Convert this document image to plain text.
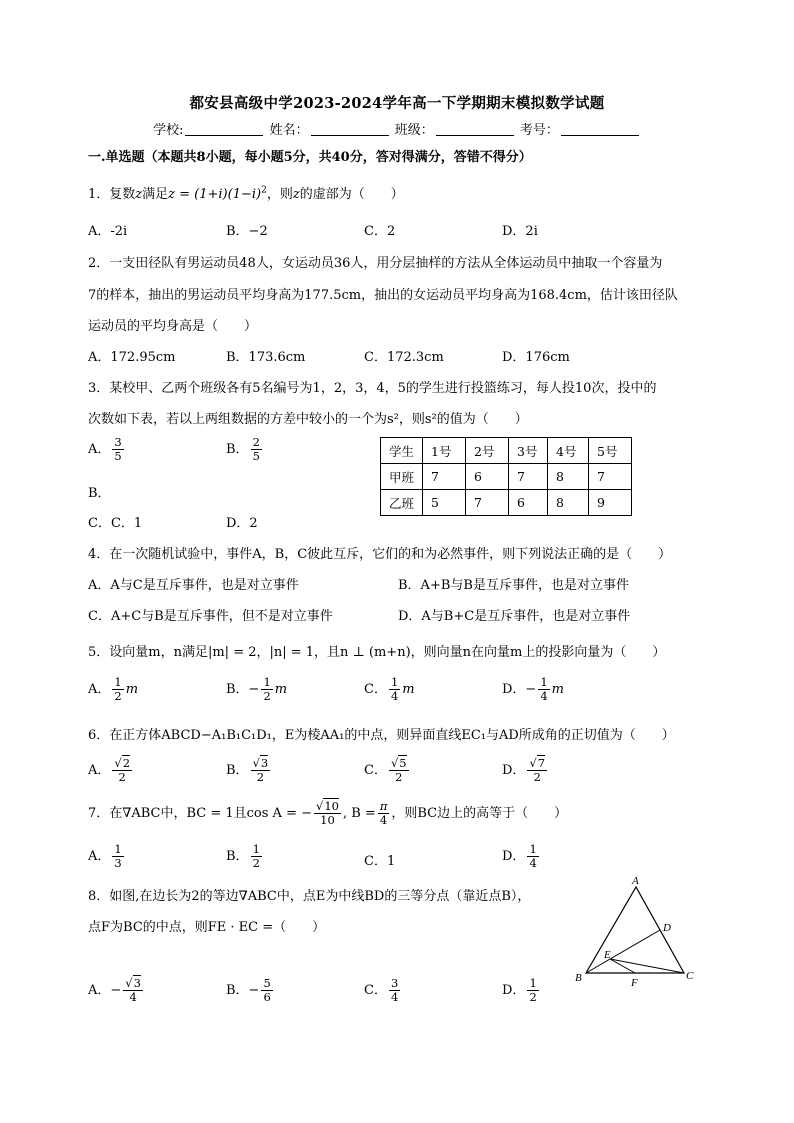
都安县高级中学2023-2024学年高一下学期期末模拟数学试题
学校:	姓名：	班级：	考号：
一.单选题（本题共8小题，每小题5分，共40分，答对得满分，答错不得分）
1．复数z满足$z = (1+i)(1-i)^2$，则z的虚部为（　　）
A．-2i	B．−2	C．2	D．2i
2．一支田径队有男运动员48人，女运动员36人，用分层抽样的方法从全体运动员中抽取一个容量为
7的样本，抽出的男运动员平均身高为177.5cm，抽出的女运动员平均身高为168.4cm，估计该田径队
运动员的平均身高是（　　）
A．172.95cm	B．173.6cm	C．172.3cm	D．176cm
3．某校甲、乙两个班级各有5名编号为1，2，3，4，5的学生进行投篮练习，每人投10次，投中的
次数如下表，若以上两组数据的方差中较小的一个为s²，则s²的值为（　　）
A． $\frac{3}{5}$	B． $\frac{2}{5}$
B．
C．C．1	D．2
学生	1号	2号	3号	4号	5号
甲班	7	6	7	8	7
乙班	5	7	6	8	9
4．在一次随机试验中，事件A，B，C彼此互斥，它们的和为必然事件，则下列说法正确的是（　　）
A．A与C是互斥事件，也是对立事件	B．A+B与B是互斥事件，也是对立事件
C．A+C与B是互斥事件，但不是对立事件	D．A与B+C是互斥事件，也是对立事件
5．设向量m，n满足|m| = 2，|n| = 1，且n ⊥ (m+n)，则向量n在向量m上的投影向量为（　　）
A． $\frac{1}{2}$ m	B．− $\frac{1}{2}$ m	C． $\frac{1}{4}$ m	D．− $\frac{1}{4}$ m
6．在正方体ABCD−A₁B₁C₁D₁，E为棱AA₁的中点，则异面直线EC₁与AD所成角的正切值为（　　）
A． $\frac{√2}{2}$	B． $\frac{√3}{2}$	C． $\frac{√5}{2}$	D． $\frac{√7}{2}$
7．在∇ABC中，BC = 1且cos A = − $\frac{√10}{10}$ , $B = \frac{\pi}{4}$ ，则BC边上的高等于（　　）
A． $\frac{1}{3}$	B． $\frac{1}{2}$	C．1	D． $\frac{1}{4}$
8．如图,在边长为2的等边∇ABC中，点E为中线BD的三等分点（靠近点B），
点F为BC的中点，则FE · EC =（　　）
A．− $\frac{√3}{4}$	B．− $\frac{5}{6}$	C． $\frac{3}{4}$	D． $\frac{1}{2}$
A
B	C
D
E
F
